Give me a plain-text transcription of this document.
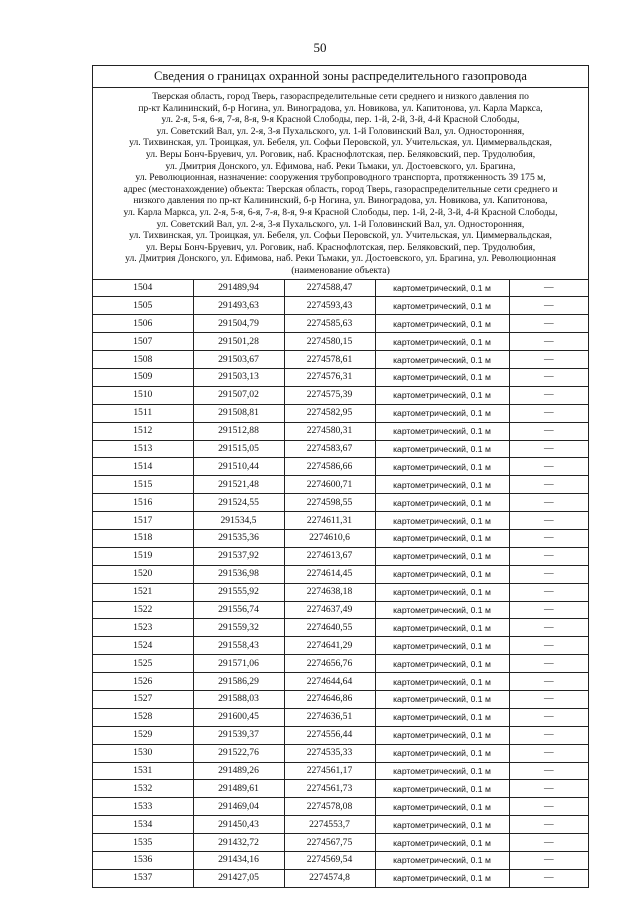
50
Сведения о границах охранной зоны распределительного газопровода
Тверская область, город Тверь, газораспределительные сети среднего и низкого давления по
пр-кт Калининский, б-р Ногина, ул. Виноградова, ул. Новикова, ул. Капитонова, ул. Карла Маркса,
ул. 2-я, 5-я, 6-я, 7-я, 8-я, 9-я Красной Слободы, пер. 1-й, 2-й, 3-й, 4-й Красной Слободы,
ул. Советский Вал, ул. 2-я, 3-я Пухальского, ул. 1-й Головинский Вал, ул. Односторонняя,
ул. Тихвинская, ул. Троицкая, ул. Бебеля, ул. Софьи Перовской, ул. Учительская, ул. Циммервальдская,
ул. Веры Бонч-Бруевич, ул. Роговик, наб. Краснофлотская, пер. Беляковский, пер. Трудолюбия,
ул. Дмитрия Донского, ул. Ефимова, наб. Реки Тьмаки, ул. Достоевского, ул. Брагина,
ул. Революционная, назначение: сооружения трубопроводного транспорта, протяженность 39 175 м,
адрес (местонахождение) объекта: Тверская область, город Тверь, газораспределительные сети среднего и
низкого давления по пр-кт Калининский, б-р Ногина, ул. Виноградова, ул. Новикова, ул. Капитонова,
ул. Карла Маркса, ул. 2-я, 5-я, 6-я, 7-я, 8-я, 9-я Красной Слободы, пер. 1-й, 2-й, 3-й, 4-й Красной Слободы,
ул. Советский Вал, ул. 2-я, 3-я Пухальского, ул. 1-й Головинский Вал, ул. Односторонняя,
ул. Тихвинская, ул. Троицкая, ул. Бебеля, ул. Софьи Перовской, ул. Учительская, ул. Циммервальдская,
ул. Веры Бонч-Бруевич, ул. Роговик, наб. Краснофлотская, пер. Беляковский, пер. Трудолюбия,
ул. Дмитрия Донского, ул. Ефимова, наб. Реки Тьмаки, ул. Достоевского, ул. Брагина, ул. Революционная
(наименование объекта)
1504	291489,94	2274588,47	картометрический, 0.1 м	—
1505	291493,63	2274593,43	картометрический, 0.1 м	—
1506	291504,79	2274585,63	картометрический, 0.1 м	—
1507	291501,28	2274580,15	картометрический, 0.1 м	—
1508	291503,67	2274578,61	картометрический, 0.1 м	—
1509	291503,13	2274576,31	картометрический, 0.1 м	—
1510	291507,02	2274575,39	картометрический, 0.1 м	—
1511	291508,81	2274582,95	картометрический, 0.1 м	—
1512	291512,88	2274580,31	картометрический, 0.1 м	—
1513	291515,05	2274583,67	картометрический, 0.1 м	—
1514	291510,44	2274586,66	картометрический, 0.1 м	—
1515	291521,48	2274600,71	картометрический, 0.1 м	—
1516	291524,55	2274598,55	картометрический, 0.1 м	—
1517	291534,5	2274611,31	картометрический, 0.1 м	—
1518	291535,36	2274610,6	картометрический, 0.1 м	—
1519	291537,92	2274613,67	картометрический, 0.1 м	—
1520	291536,98	2274614,45	картометрический, 0.1 м	—
1521	291555,92	2274638,18	картометрический, 0.1 м	—
1522	291556,74	2274637,49	картометрический, 0.1 м	—
1523	291559,32	2274640,55	картометрический, 0.1 м	—
1524	291558,43	2274641,29	картометрический, 0.1 м	—
1525	291571,06	2274656,76	картометрический, 0.1 м	—
1526	291586,29	2274644,64	картометрический, 0.1 м	—
1527	291588,03	2274646,86	картометрический, 0.1 м	—
1528	291600,45	2274636,51	картометрический, 0.1 м	—
1529	291539,37	2274556,44	картометрический, 0.1 м	—
1530	291522,76	2274535,33	картометрический, 0.1 м	—
1531	291489,26	2274561,17	картометрический, 0.1 м	—
1532	291489,61	2274561,73	картометрический, 0.1 м	—
1533	291469,04	2274578,08	картометрический, 0.1 м	—
1534	291450,43	2274553,7	картометрический, 0.1 м	—
1535	291432,72	2274567,75	картометрический, 0.1 м	—
1536	291434,16	2274569,54	картометрический, 0.1 м	—
1537	291427,05	2274574,8	картометрический, 0.1 м	—
